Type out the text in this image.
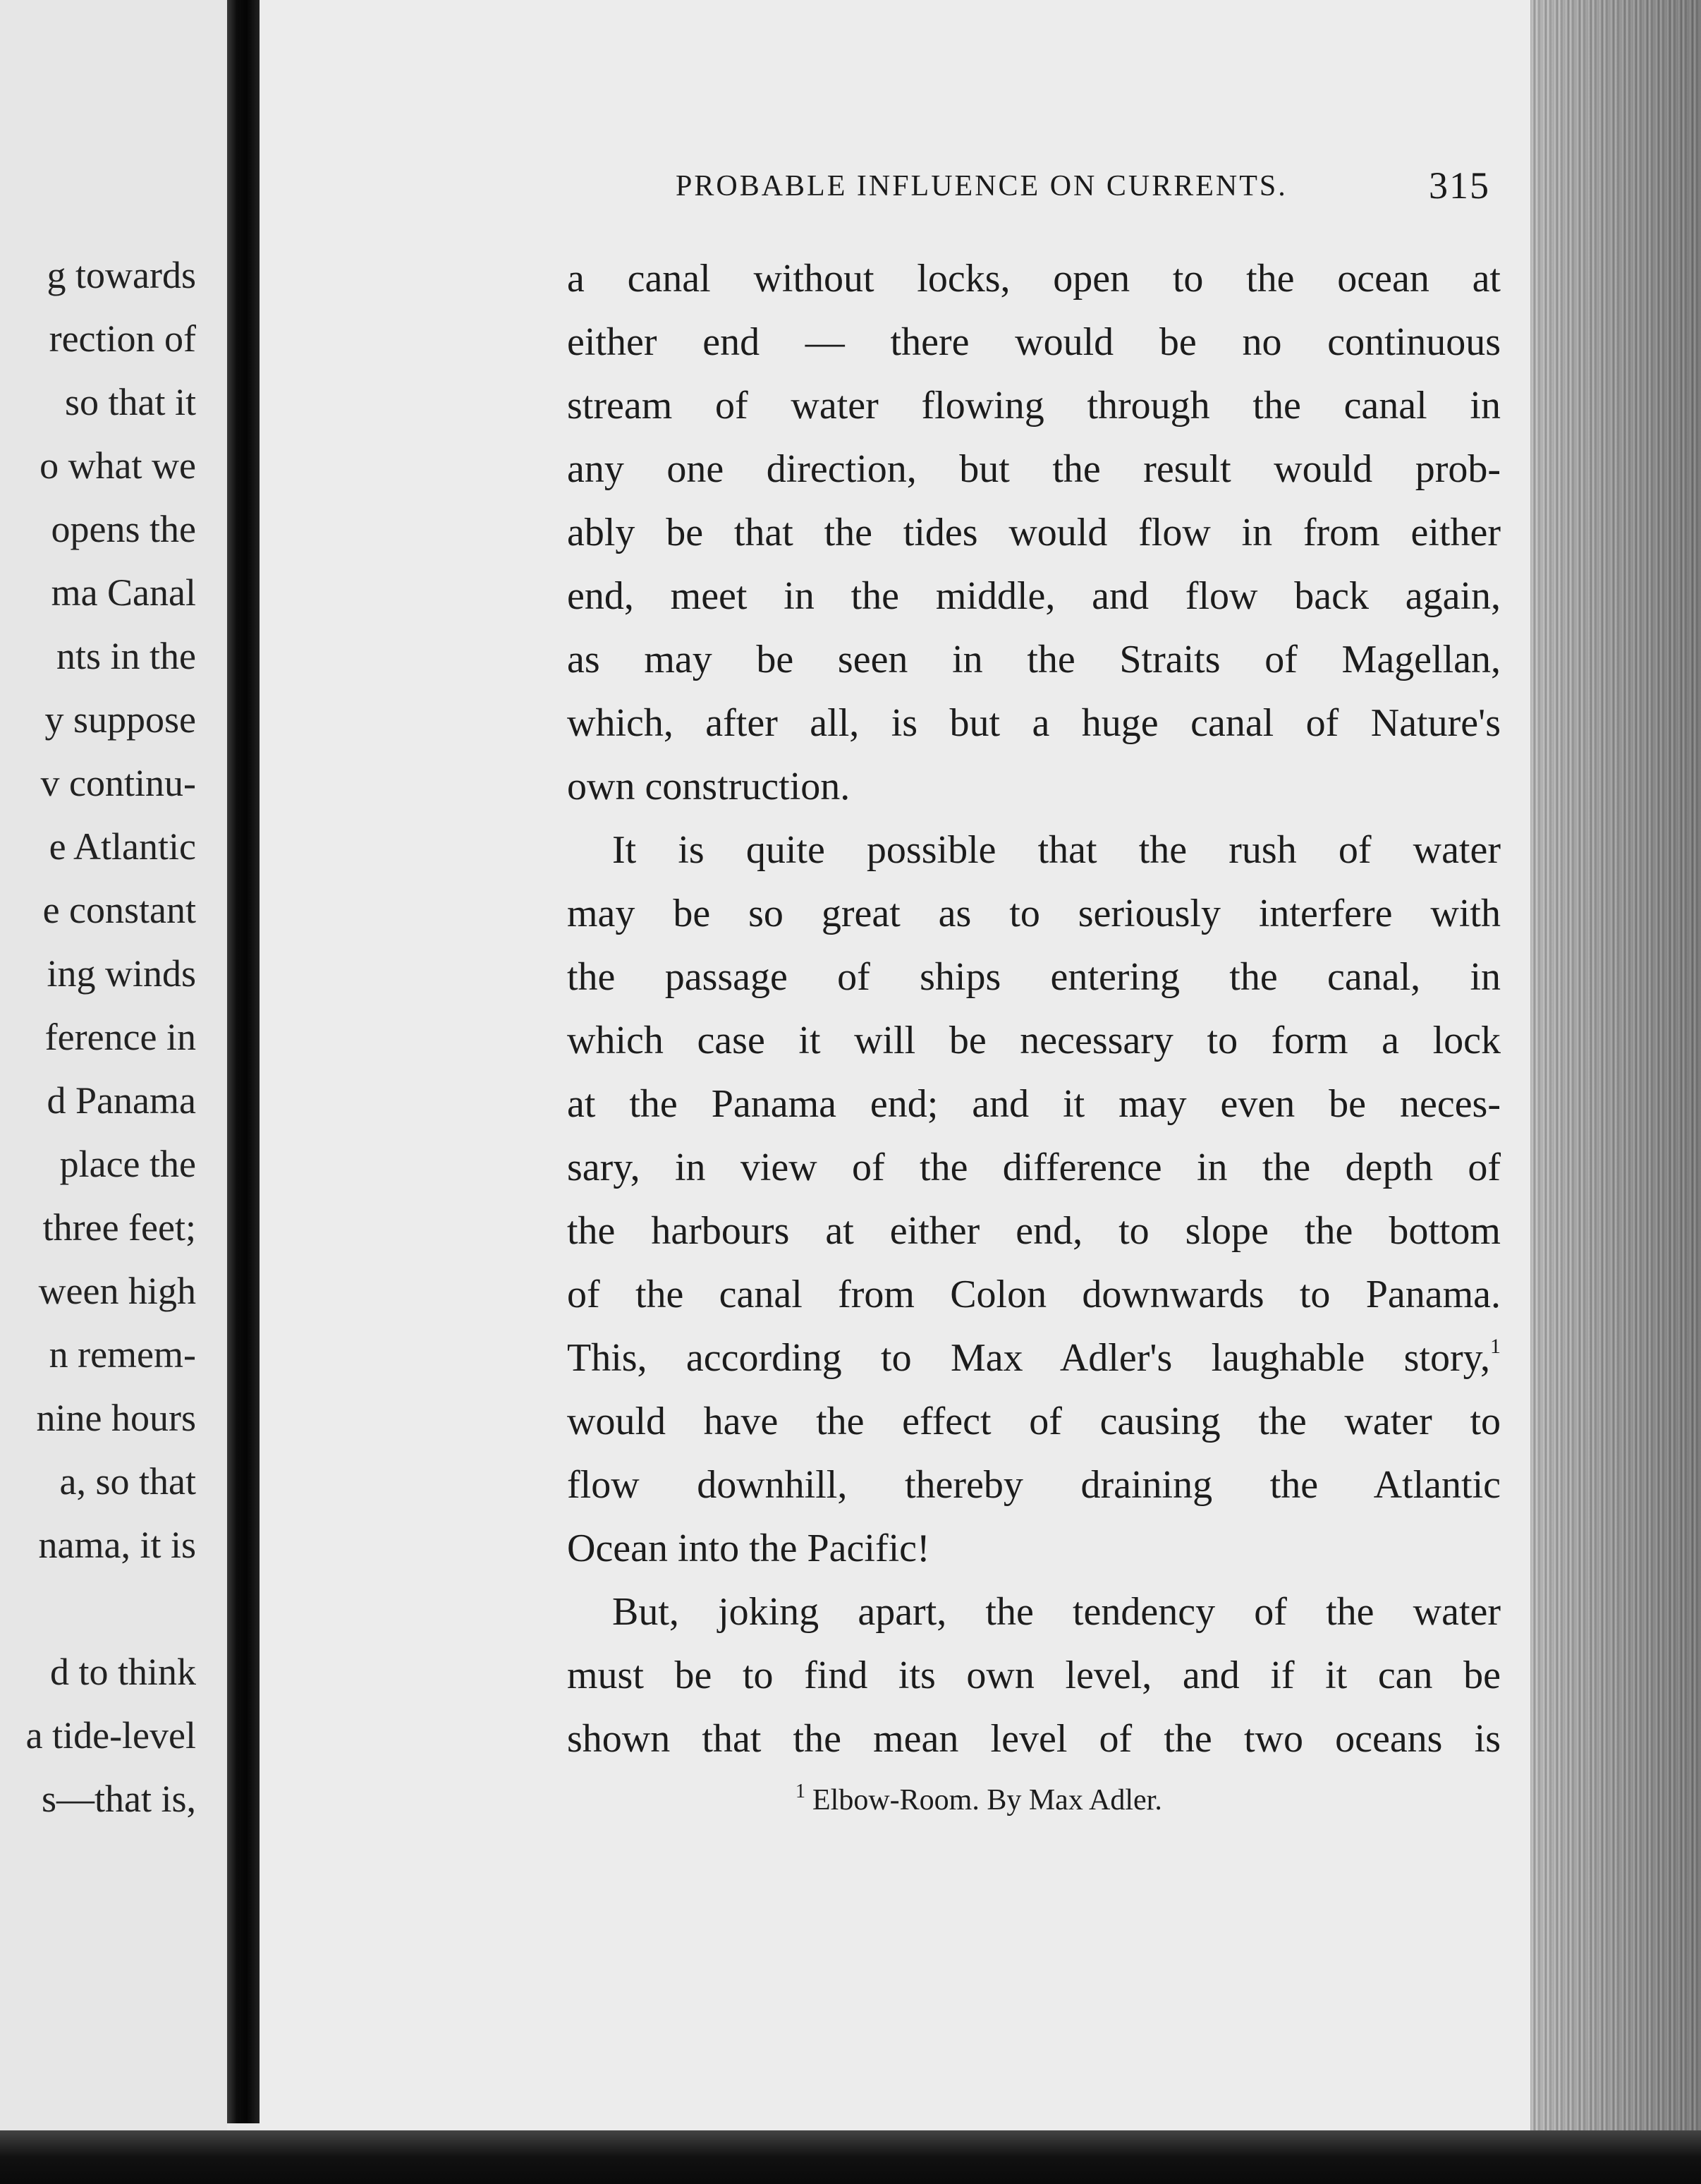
g towards
rection of
so that it
o what we
opens the
ma Canal
nts in the
y suppose
v continu-
e Atlantic
e constant
ing winds
ference in
d Panama
place the
three feet;
ween high
n remem-
nine hours
a, so that
nama, it is
d to think
a tide-level
s—that is,
PROBABLE INFLUENCE ON CURRENTS.	315
a canal without locks, open to the ocean at
either end — there would be no continuous
stream of water flowing through the canal in
any one direction, but the result would prob-
ably be that the tides would flow in from either
end, meet in the middle, and flow back again,
as may be seen in the Straits of Magellan,
which, after all, is but a huge canal of Nature's
own construction.
It is quite possible that the rush of water
may be so great as to seriously interfere with
the passage of ships entering the canal, in
which case it will be necessary to form a lock
at the Panama end; and it may even be neces-
sary, in view of the difference in the depth of
the harbours at either end, to slope the bottom
of the canal from Colon downwards to Panama.
This, according to Max Adler's laughable story,$^1$
would have the effect of causing the water to
flow downhill, thereby draining the Atlantic
Ocean into the Pacific!
But, joking apart, the tendency of the water
must be to find its own level, and if it can be
shown that the mean level of the two oceans is
$^1$ Elbow-Room. By Max Adler.
